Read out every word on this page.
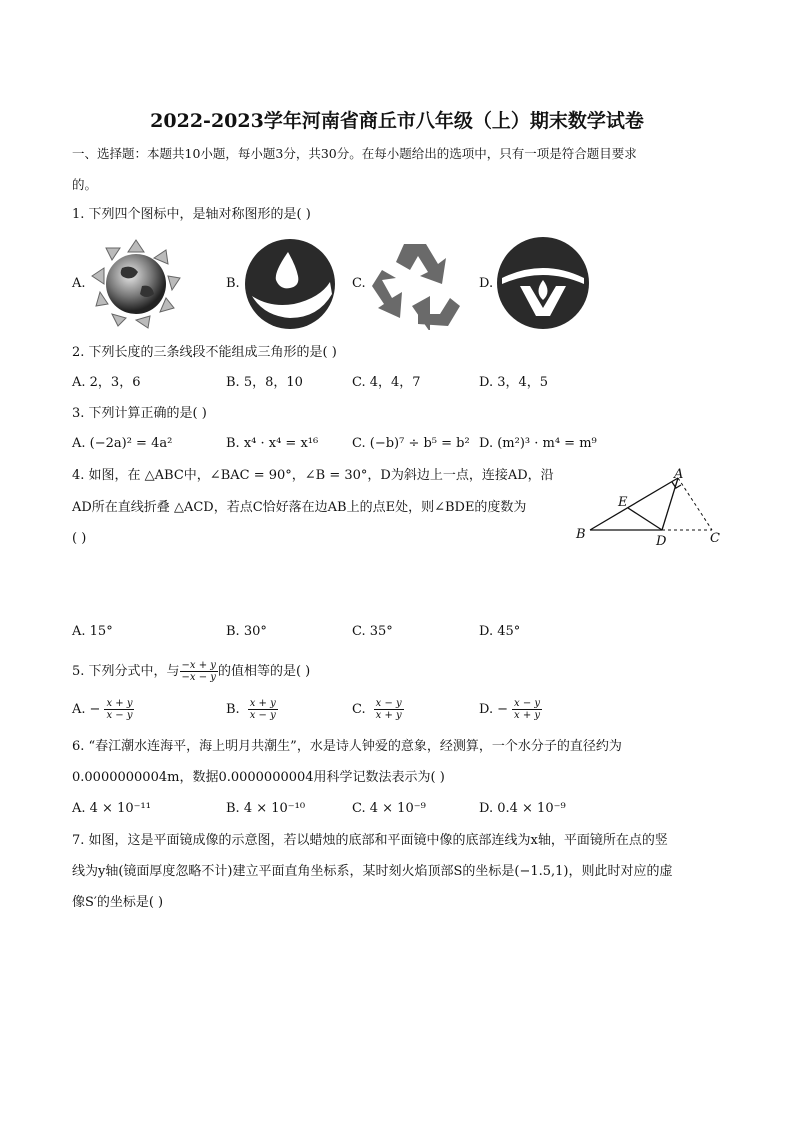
2022-2023学年河南省商丘市八年级（上）期末数学试卷
一、选择题：本题共10小题，每小题3分，共30分。在每小题给出的选项中，只有一项是符合题目要求
的。
1. 下列四个图标中，是轴对称图形的是( )
A.	B.	C.	D.
2. 下列长度的三条线段不能组成三角形的是( )
A. 2，3，6	B. 5，8，10	C. 4，4，7	D. 3，4，5
3. 下列计算正确的是( )
A. (−2a)² = 4a²	B. x⁴ · x⁴ = x¹⁶	C. (−b)⁷ ÷ b⁵ = b² D. (m²)³ · m⁴ = m⁹
4. 如图，在 △ABC中，∠BAC = 90°，∠B = 30°，D为斜边上一点，连接AD，沿
AD所在直线折叠 △ACD，若点C恰好落在边AB上的点E处，则∠BDE的度数为
( )
A
B	C
D
E
A. 15°	B. 30°	C. 35°	D. 45°
5. 下列分式中，与 $\frac{-x + y}{-x - y}$ 的值相等的是( )
A. − $\frac{x + y}{x - y}$	B. $\frac{x + y}{x - y}$	C. $\frac{x - y}{x + y}$	D. − $\frac{x - y}{x + y}$
6. “春江潮水连海平，海上明月共潮生”，水是诗人钟爱的意象，经测算，一个水分子的直径约为
0.0000000004m，数据0.0000000004用科学记数法表示为( )
A. 4 × 10⁻¹¹	B. 4 × 10⁻¹⁰	C. 4 × 10⁻⁹	D. 0.4 × 10⁻⁹
7. 如图，这是平面镜成像的示意图，若以蜡烛的底部和平面镜中像的底部连线为x轴，平面镜所在点的竖
线为y轴(镜面厚度忽略不计)建立平面直角坐标系，某时刻火焰顶部S的坐标是(−1.5,1)，则此时对应的虚
像S′的坐标是( )
